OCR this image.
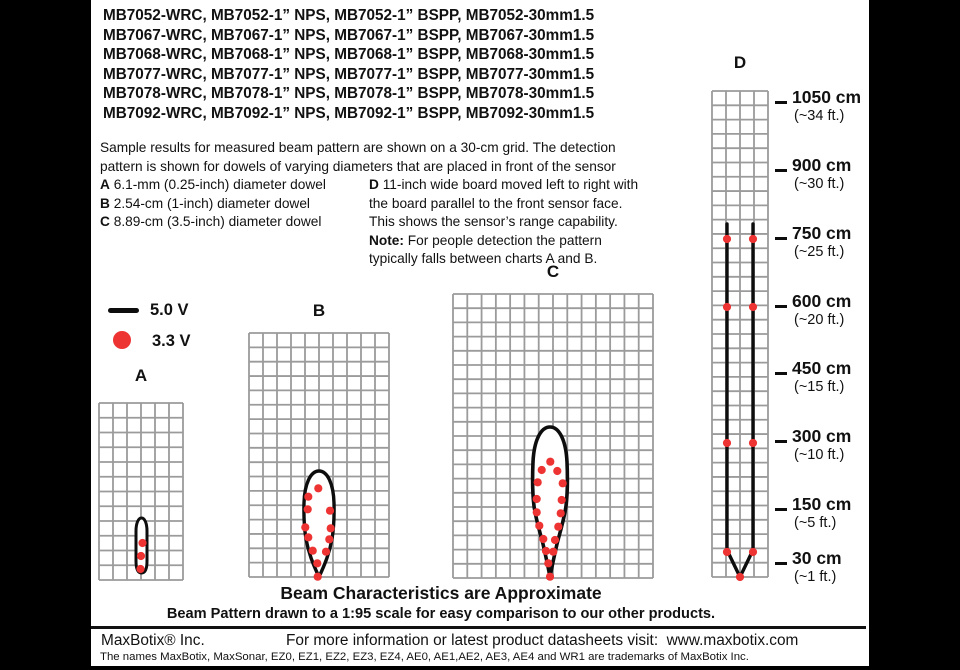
MB7052-WRC, MB7052-1” NPS, MB7052-1” BSPP, MB7052-30mm1.5
MB7067-WRC, MB7067-1” NPS, MB7067-1” BSPP, MB7067-30mm1.5
MB7068-WRC, MB7068-1” NPS, MB7068-1” BSPP, MB7068-30mm1.5
MB7077-WRC, MB7077-1” NPS, MB7077-1” BSPP, MB7077-30mm1.5
MB7078-WRC, MB7078-1” NPS, MB7078-1” BSPP, MB7078-30mm1.5
MB7092-WRC, MB7092-1” NPS, MB7092-1” BSPP, MB7092-30mm1.5
Sample results for measured beam pattern are shown on a 30-cm grid. The detection
pattern is shown for dowels of varying diameters that are placed in front of the sensor
A 6.1-mm (0.25-inch) diameter dowel
B 2.54-cm (1-inch) diameter dowel
C 8.89-cm (3.5-inch) diameter dowel
D 11-inch wide board moved left to right with
the board parallel to the front sensor face.
This shows the sensor’s range capability.
Note: For people detection the pattern
typically falls between charts A and B.
5.0 V
3.3 V
A
B
C
D
1050 cm
(~34 ft.)
900 cm
(~30 ft.)
750 cm
(~25 ft.)
600 cm
(~20 ft.)
450 cm
(~15 ft.)
300 cm
(~10 ft.)
150 cm
(~5 ft.)
30 cm
(~1 ft.)
Beam Characteristics are Approximate
Beam Pattern drawn to a 1:95 scale for easy comparison to our other products.
MaxBotix® Inc.	For more information or latest product datasheets visit:  www.maxbotix.com
The names MaxBotix, MaxSonar, EZ0, EZ1, EZ2, EZ3, EZ4, AE0, AE1,AE2, AE3, AE4 and WR1 are trademarks of MaxBotix Inc.
